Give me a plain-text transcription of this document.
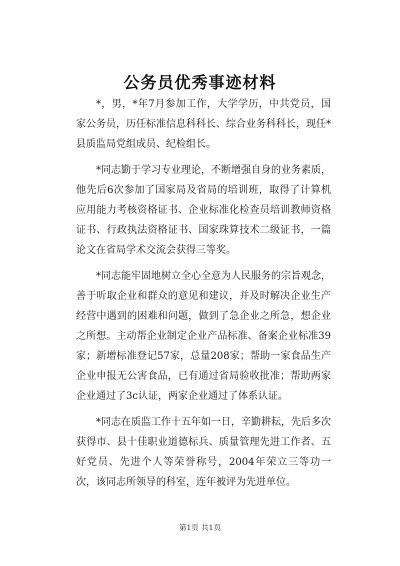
公务员优秀事迹材料

*，男，*年7月参加工作，大学学历，中共党员，国家公务员，历任标准信息科科长、综合业务科科长，现任*县质监局党组成员、纪检组长。

*同志勤于学习专业理论，不断增强自身的业务素质，他先后6次参加了国家局及省局的培训班，取得了计算机应用能力考核资格证书、企业标准化检查员培训教师资格证书、行政执法资格证书、国家珠算技术二级证书，一篇论文在省局学术交流会获得三等奖。

*同志能牢固地树立全心全意为人民服务的宗旨观念，善于听取企业和群众的意见和建议，并及时解决企业生产经营中遇到的困难和问题，做到了急企业之所急，想企业之所想。主动帮企业制定企业产品标准、备案企业标准39家；新增标准登记57家，总量208家；帮助一家食品生产企业申报无公害食品，已有通过省局验收批准；帮助两家企业通过了3c认证，两家企业通过了体系认证。

*同志在质监工作十五年如一日，辛勤耕耘，先后多次获得市、县十佳职业道德标兵、质量管理先进工作者、五好党员、先进个人等荣誉称号，2004年荣立三等功一次，该同志所领导的科室，连年被评为先进单位。

第1页 共1页
